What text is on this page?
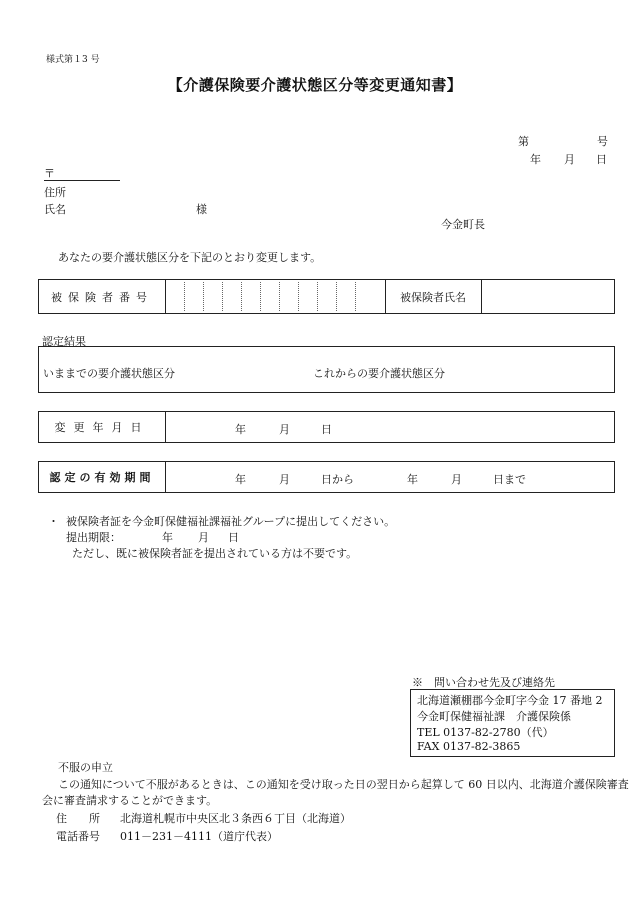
様式第１3 号
【介護保険要介護状態区分等変更通知書】
第	号
年 月 日
〒
住所
氏名	様
今金町長
あなたの要介護状態区分を下記のとおり変更します。
被保険者番号	被保険者氏名
認定結果
いままでの要介護状態区分	これからの要介護状態区分
変更年月日	年	月	日
認定の有効期間	年	月	日から	年	月	日まで
・ 被保険者証を今金町保健福祉課福祉グループに提出してください。
提出期限：	年 月 日
ただし、既に被保険者証を提出されている方は不要です。
※　問い合わせ先及び連絡先
北海道瀬棚郡今金町字今金 17 番地 2
今金町保健福祉課　介護保険係
TEL 0137-82-2780（代）
FAX 0137-82-3865
不服の申立
この通知について不服があるときは、この通知を受け取った日の翌日から起算して 60 日以内、北海道介護保険審査
会に審査請求することができます。
住　　所 北海道札幌市中央区北３条西６丁目（北海道）
電話番号 011－231－4111（道庁代表）
